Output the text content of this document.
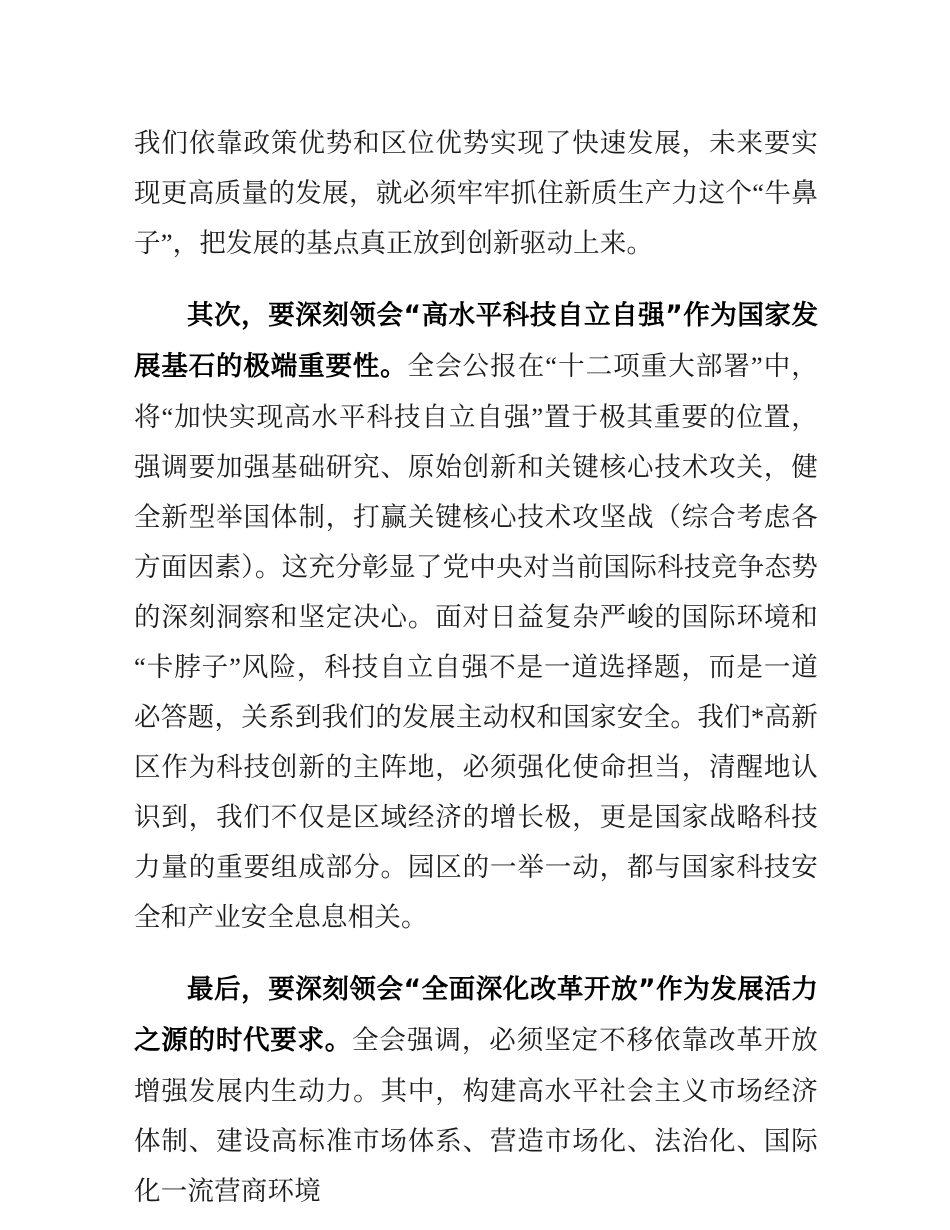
我们依靠政策优势和区位优势实现了快速发展，未来要实现更高质量的发展，就必须牢牢抓住新质生产力这个“牛鼻子”，把发展的基点真正放到创新驱动上来。

其次，要深刻领会“高水平科技自立自强”作为国家发展基石的极端重要性。全会公报在“十二项重大部署”中，将“加快实现高水平科技自立自强”置于极其重要的位置，强调要加强基础研究、原始创新和关键核心技术攻关，健全新型举国体制，打赢关键核心技术攻坚战（综合考虑各方面因素）。这充分彰显了党中央对当前国际科技竞争态势的深刻洞察和坚定决心。面对日益复杂严峻的国际环境和“卡脖子”风险，科技自立自强不是一道选择题，而是一道必答题，关系到我们的发展主动权和国家安全。我们*高新区作为科技创新的主阵地，必须强化使命担当，清醒地认识到，我们不仅是区域经济的增长极，更是国家战略科技力量的重要组成部分。园区的一举一动，都与国家科技安全和产业安全息息相关。

最后，要深刻领会“全面深化改革开放”作为发展活力之源的时代要求。全会强调，必须坚定不移依靠改革开放增强发展内生动力。其中，构建高水平社会主义市场经济体制、建设高标准市场体系、营造市场化、法治化、国际化一流营商环境
